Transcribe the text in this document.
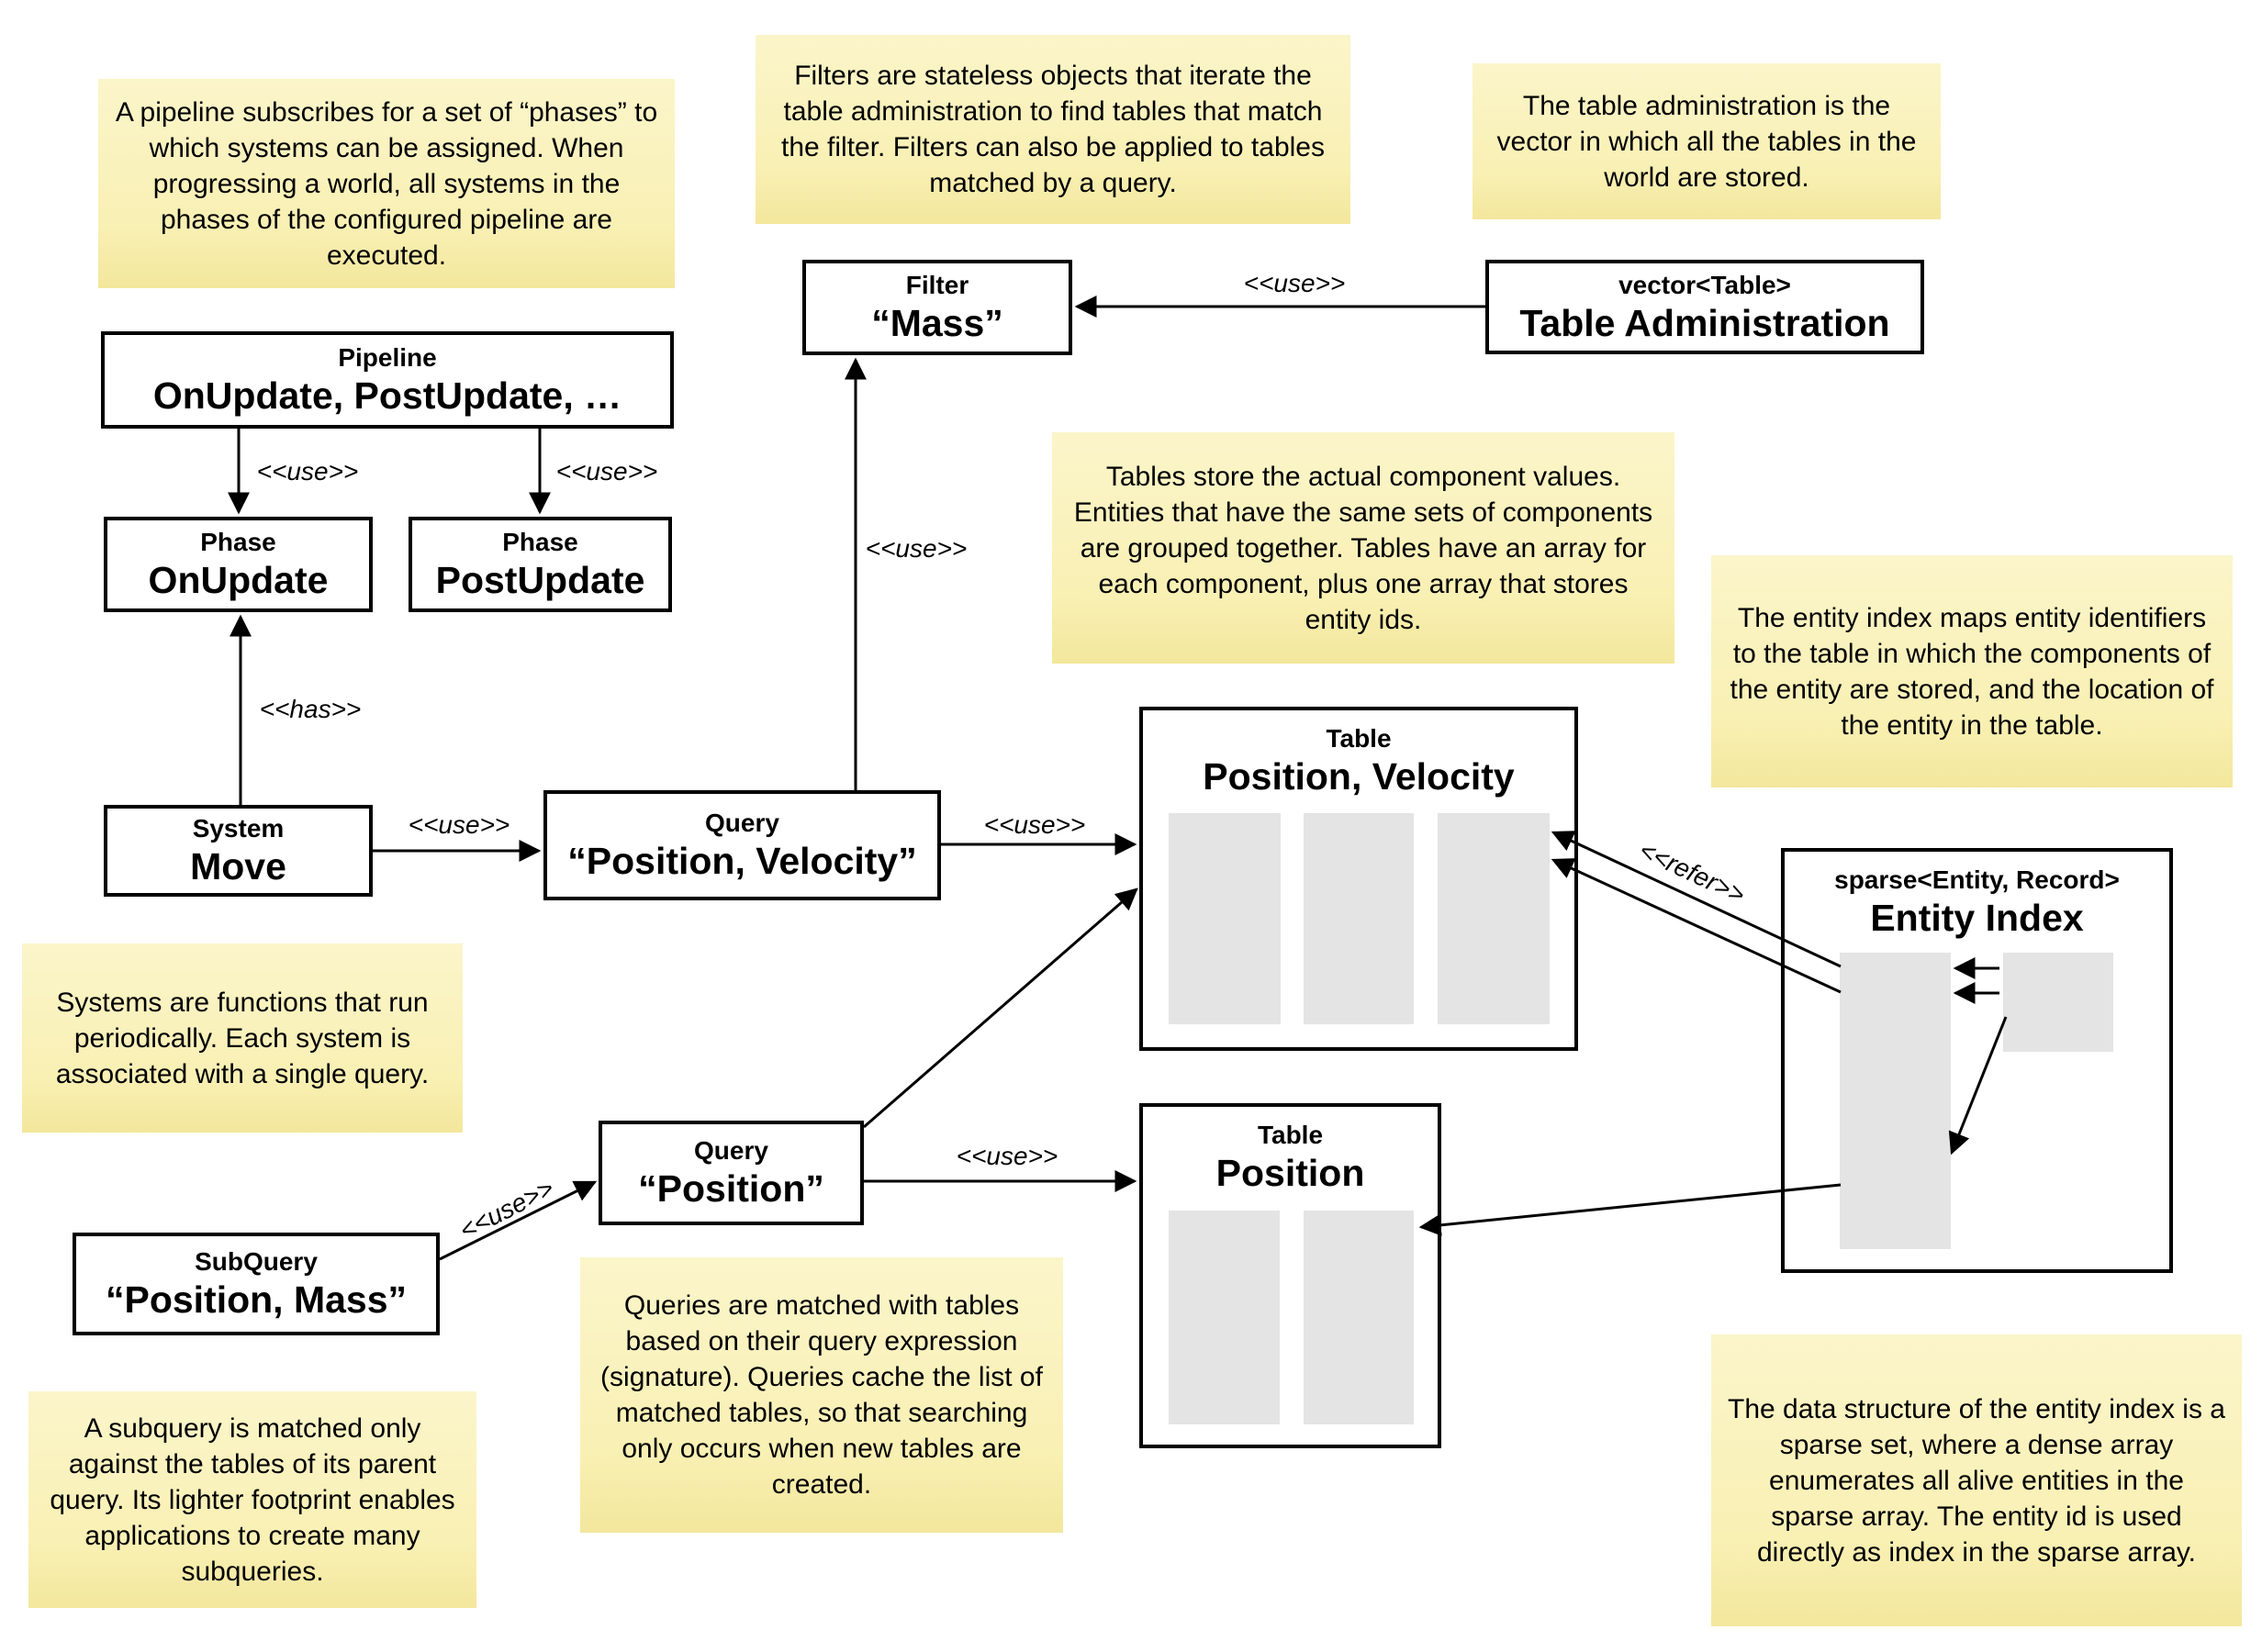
A pipeline subscribes for a set of “phases” to which systems can be assigned. When progressing a world, all systems in the phases of the configured pipeline are executed.
Filters are stateless objects that iterate the table administration to find tables that match the filter. Filters can also be applied to tables matched by a query.
The table administration is the vector in which all the tables in the world are stored.
Tables store the actual component values. Entities that have the same sets of components are grouped together. Tables have an array for each component, plus one array that stores entity ids.	The entity index maps entity identifiers to the table in which the components of the entity are stored, and the location of the entity in the table.
Systems are functions that run periodically. Each system is associated with a single query.
Queries are matched with tables based on their query expression (signature). Queries cache the list of matched tables, so that searching only occurs when new tables are created.
A subquery is matched only against the tables of its parent query. Its lighter footprint enables applications to create many subqueries.
The data structure of the entity index is a sparse set, where a dense array enumerates all alive entities in the sparse array. The entity id is used directly as index in the sparse array.
Pipeline
OnUpdate, PostUpdate, …
Phase
OnUpdate
Phase
PostUpdate
Filter
“Mass”
vector<Table>
Table Administration
System
Move
Query
“Position, Velocity”
Query
“Position”
SubQuery
“Position, Mass”
Table
Position, Velocity
Table
Position
sparse<Entity, Record>
Entity Index
<<use>>	<<use>>
<<has>>
<<use>>
<<use>>
<<use>>
<<use>>
<<use>>
<<use>>
<<refer>>
